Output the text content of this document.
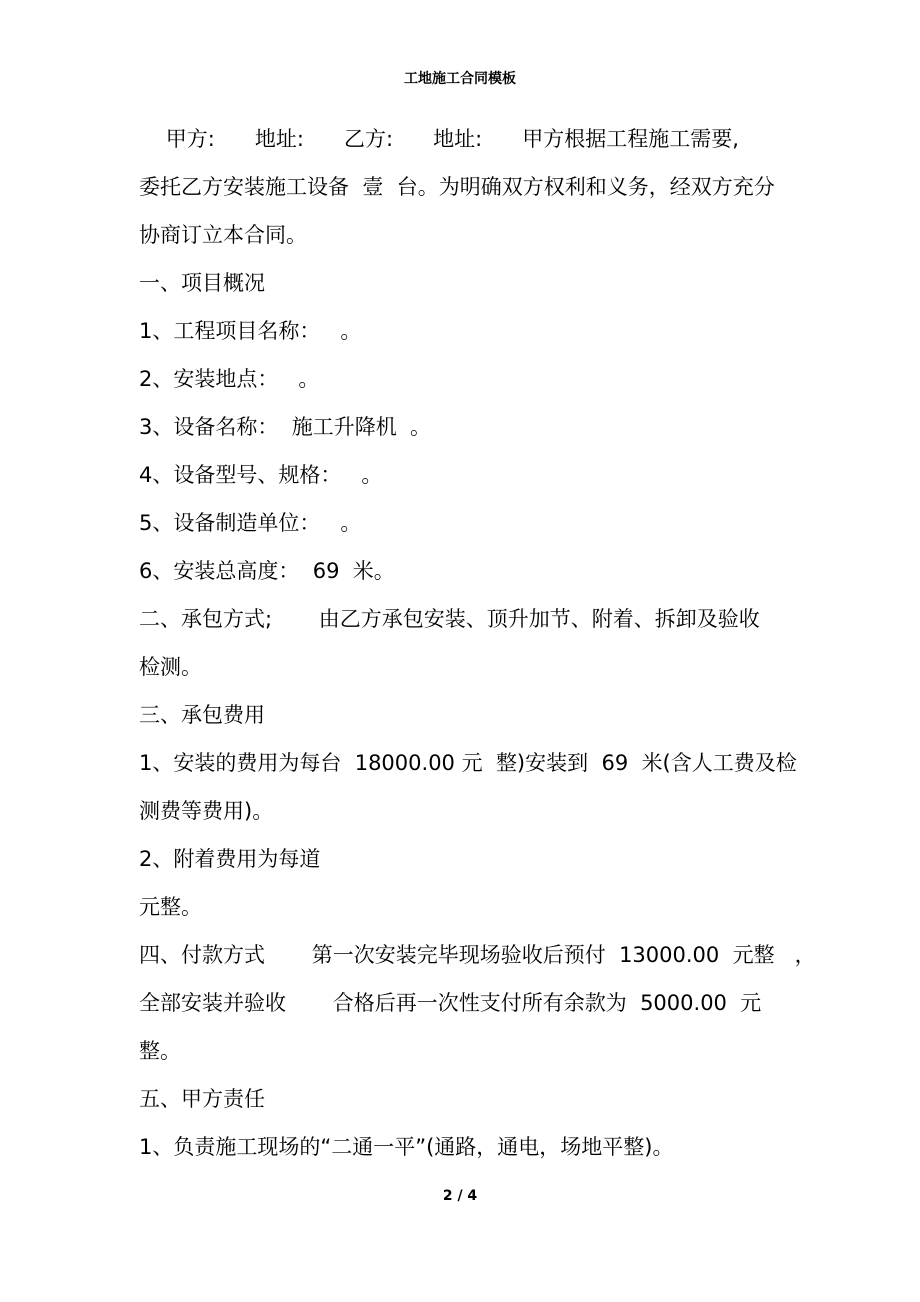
工地施工合同模板
甲方:      地址:      乙方:      地址:      甲方根据工程施工需要,
委托乙方安装施工设备  壹  台。为明确双方权利和义务，经双方充分
协商订立本合同。
一、项目概况
1、工程项目名称：   。
2、安装地点：   。
3、设备名称：  施工升降机  。
4、设备型号、规格：   。
5、设备制造单位：   。
6、安装总高度：  69  米。
二、承包方式;       由乙方承包安装、顶升加节、附着、拆卸及验收
检测。
三、承包费用
1、安装的费用为每台  18000.00 元  整)安装到  69  米(含人工费及检
测费等费用)。
2、附着费用为每道
元整。
四、付款方式       第一次安装完毕现场验收后预付  13000.00  元整   ，
全部安装并验收       合格后再一次性支付所有余款为  5000.00  元
整。
五、甲方责任
1、负责施工现场的“二通一平”(通路，通电，场地平整)。
2 / 4
